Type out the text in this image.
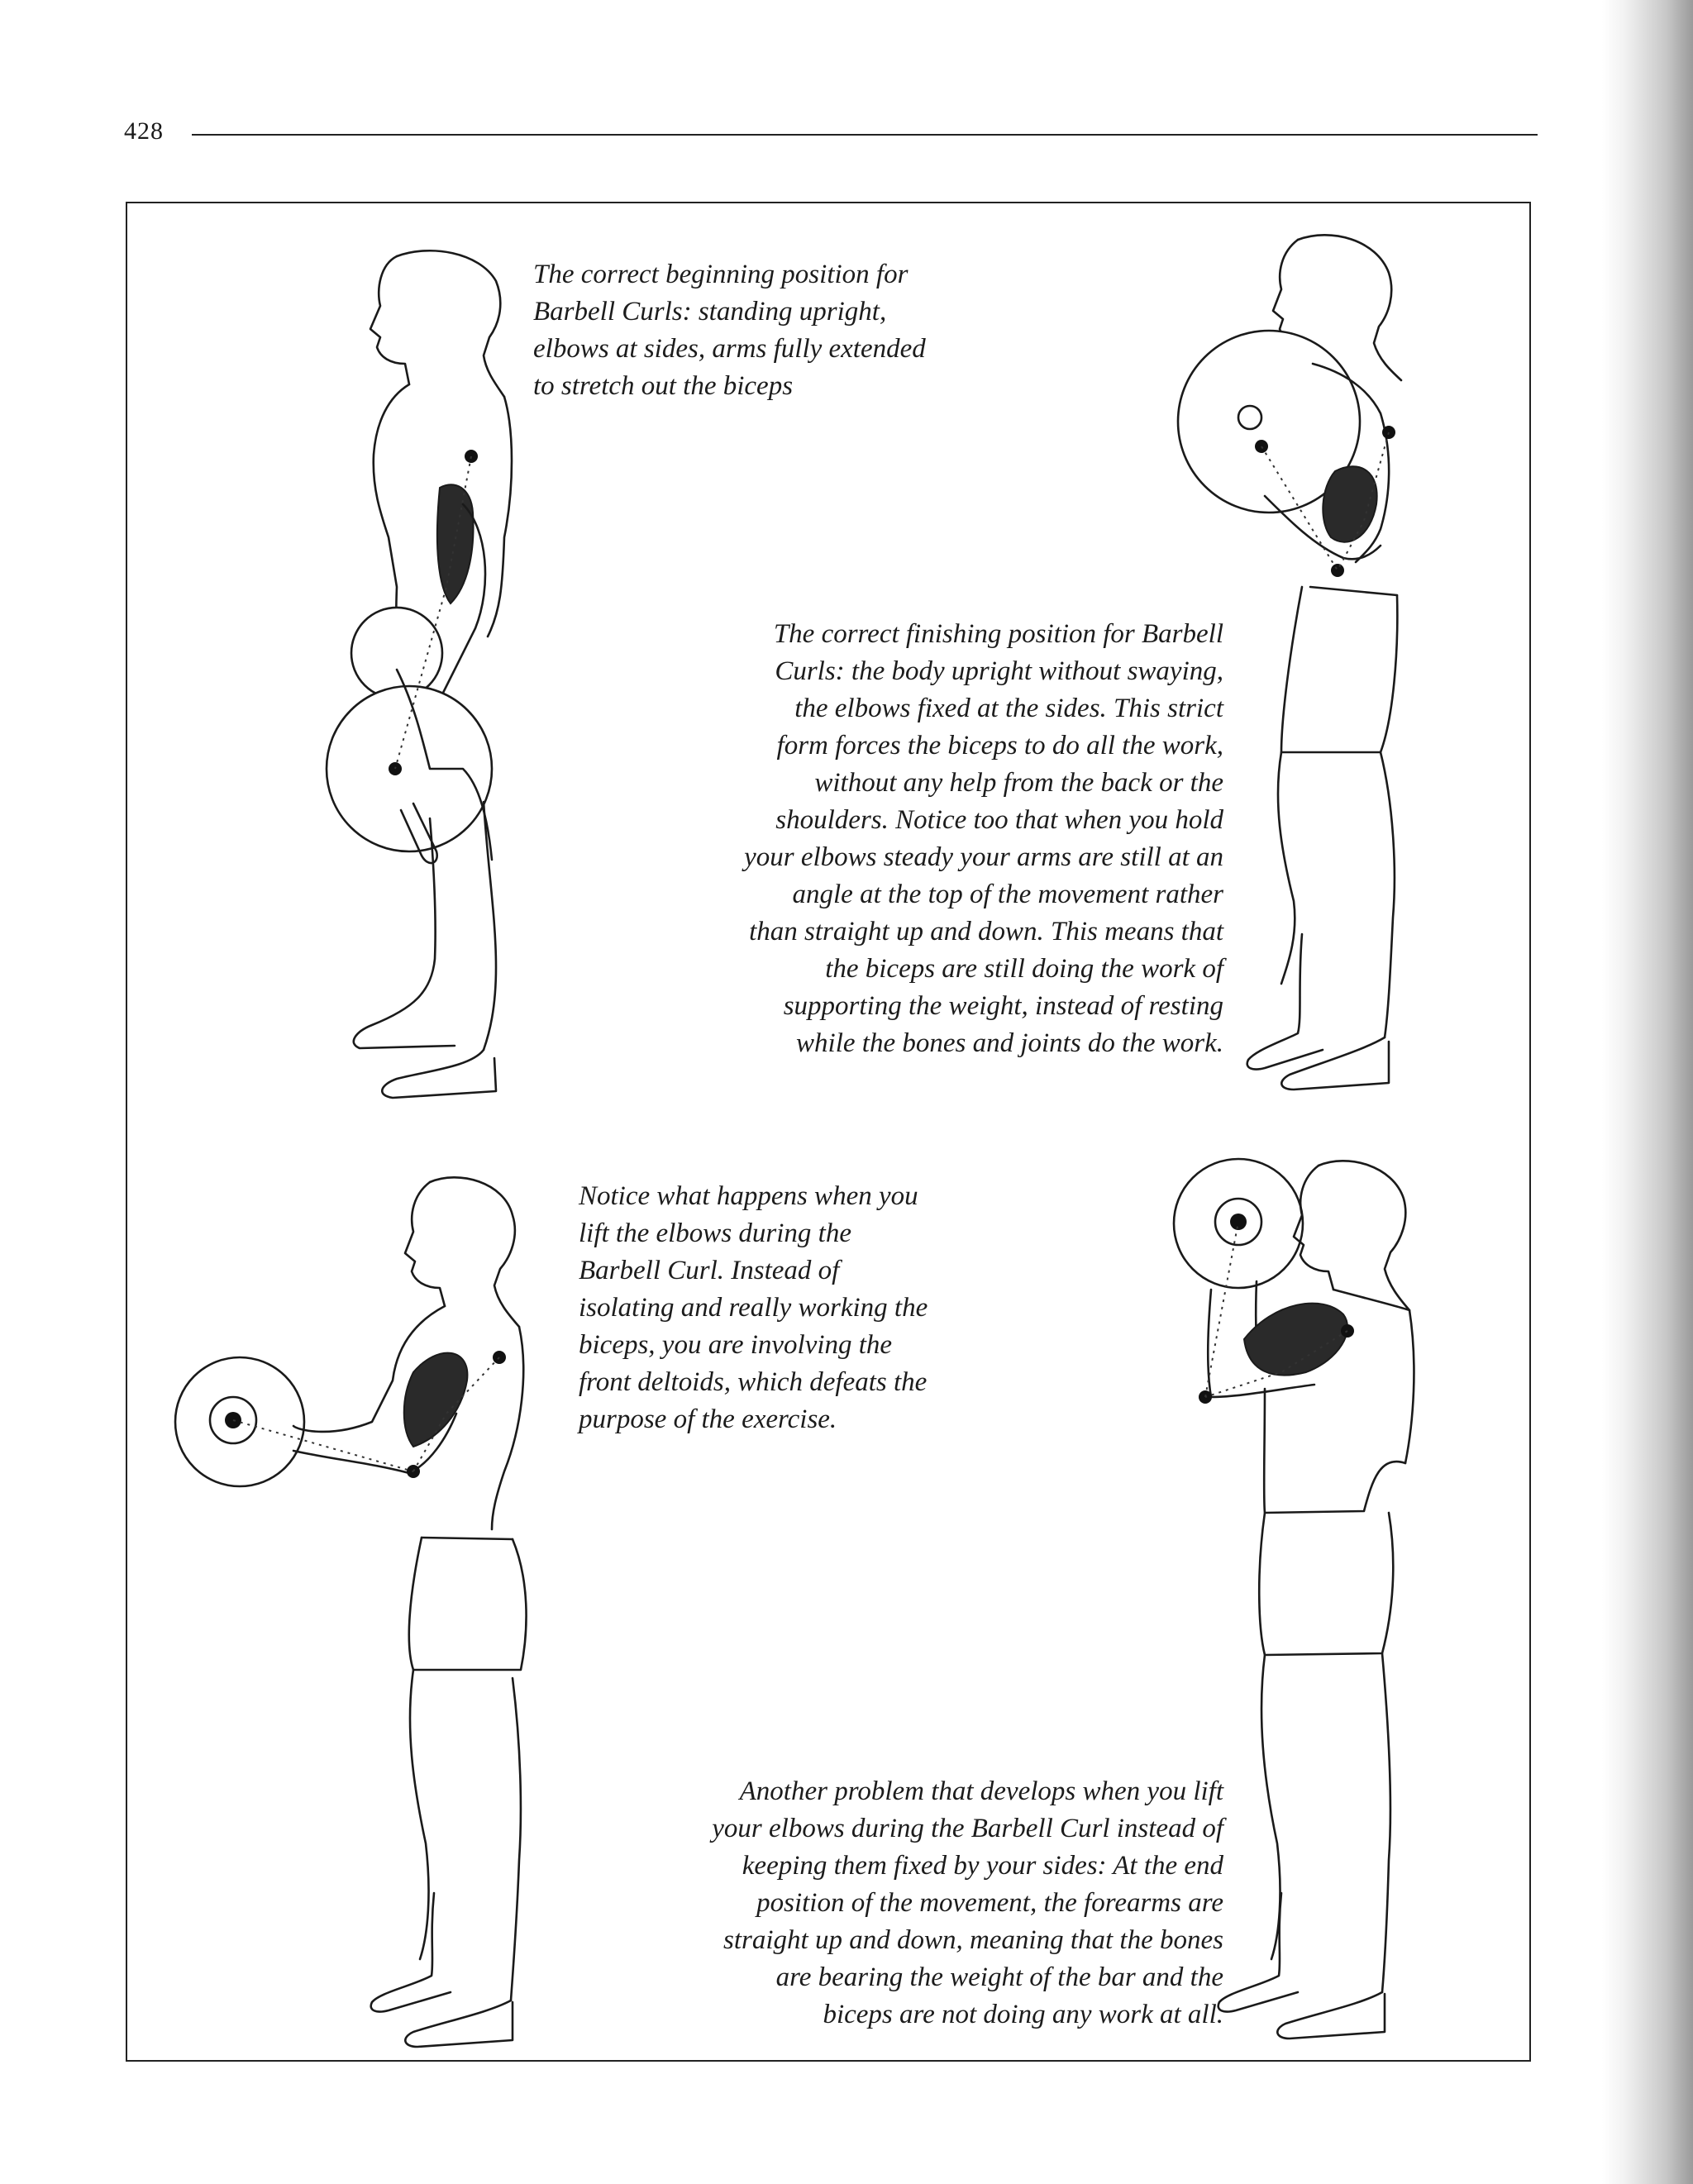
428

The correct beginning position for
Barbell Curls: standing upright,
elbows at sides, arms fully extended
to stretch out the biceps

The correct finishing position for Barbell
Curls: the body upright without swaying,
the elbows fixed at the sides. This strict
form forces the biceps to do all the work,
without any help from the back or the
shoulders. Notice too that when you hold
your elbows steady your arms are still at an
angle at the top of the movement rather
than straight up and down. This means that
the biceps are still doing the work of
supporting the weight, instead of resting
while the bones and joints do the work.

Notice what happens when you
lift the elbows during the
Barbell Curl. Instead of
isolating and really working the
biceps, you are involving the
front deltoids, which defeats the
purpose of the exercise.

Another problem that develops when you lift
your elbows during the Barbell Curl instead of
keeping them fixed by your sides: At the end
position of the movement, the forearms are
straight up and down, meaning that the bones
are bearing the weight of the bar and the
biceps are not doing any work at all.
